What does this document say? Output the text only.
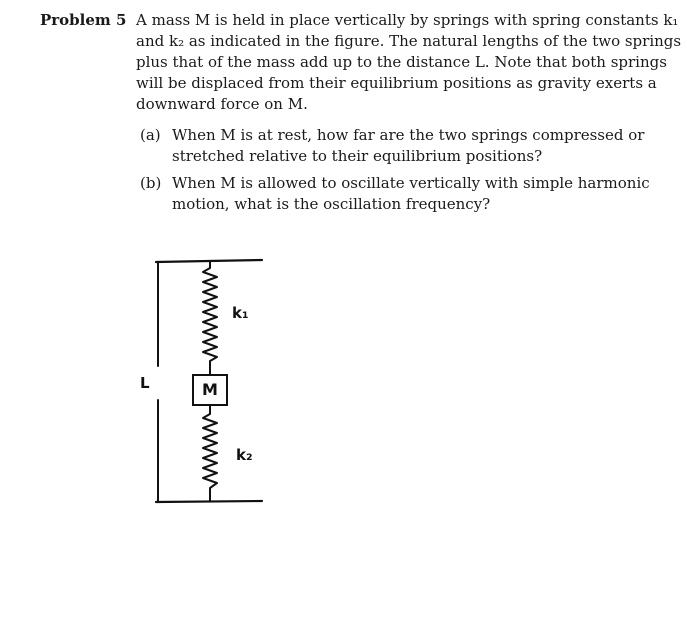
Problem 5 A mass M is held in place vertically by springs with spring constants k₁
and k₂ as indicated in the figure. The natural lengths of the two springs
plus that of the mass add up to the distance L. Note that both springs
will be displaced from their equilibrium positions as gravity exerts a
downward force on M.
(a) When M is at rest, how far are the two springs compressed or
stretched relative to their equilibrium positions?
(b) When M is allowed to oscillate vertically with simple harmonic
motion, what is the oscillation frequency?
M
L
k₁
k₂
